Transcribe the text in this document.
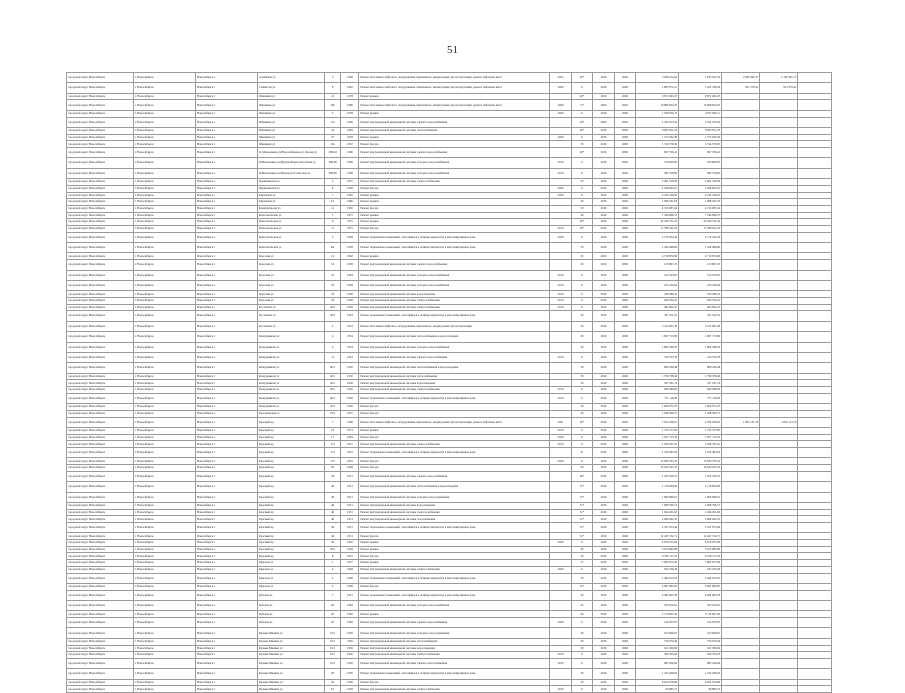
51
городской округ Новосибирск	г. Новосибирск	Новосибирск г	Алтайская ул	3	1966	Ремонт или замена лифтового оборудования, признанного непригодным для эксплуатации, ремонт лифтовых шахт	2023	40*	2019	2049	3 260 614,63	1 633 812,33	2 936 490,17	2 161 905,17	
городской округ Новосибирск	г. Новосибирск	Новосибирск г	Танкистов ул	9	1992	Ремонт или замена лифтового оборудования, признанного непригодным для эксплуатации, ремонт лифтовых шахт	2029	6	2019	2048	1 883 072,21	1 423 336,56	951 279,41	951 279,41	
городской округ Новосибирск	г. Новосибирск	Новосибирск г	Шамшина ул	21	1978	Ремонт крыши		40*	2019	2048	9 872 493,47	9 872 493,47			
городской округ Новосибирск	г. Новосибирск	Новосибирск г	Шамшина ул	28а	1980	Ремонт или замена лифтового оборудования, признанного непригодным для эксплуатации, ремонт лифтовых шахт	2029	11*	2020	2049	10 806 825,95	15 608 825,95			
городской округ Новосибирск	г. Новосибирск	Новосибирск г	Шамшина ул	5	1978	Ремонт крыши	2029	6	2019	2048	1 818 659,11	4 057 600,11			
городской округ Новосибирск	г. Новосибирск	Новосибирск г	Шамшина ул	15а	1996	Ремонт внутридомовой инженерной системы горячего водоснабжения		20*	2020	2049	2 352 913,24	2 352 913,24			
городской округ Новосибирск	г. Новосибирск	Новосибирск г	Шамшина ул	24	1994	Ремонт внутридомовой инженерной системы теплоснабжения		40*	2019	2048	6 605 811,23	6 605 811,23			
городской округ Новосибирск	г. Новосибирск	Новосибирск г	Шамшина ул	25	1978	Ремонт крыши	2029	6	2019	2048	1 573 932,30	1 573 932,30			
городской округ Новосибирск	г. Новосибирск	Новосибирск г	Шамшина ул	10а	1957	Ремонт фасада		35	2019	2048	1 744 570,95	1 744 570,95			
городской округ Новосибирск	г. Новосибирск	Новосибирск г	Я. Мошоакина-ул/Новосибирская ул Лесная ул	399/44	1996	Ремонт внутридомовой инженерной системы горячего водоснабжения		40*	2019	2048	697 766,41	697 766,41			
городской округ Новосибирск	г. Новосибирск	Новосибирск г	Я.Мошоакина-ул/Фрунзе/Бориса Богаткова ул	300/48	1996	Ремонт внутридомовой инженерной системы холодного водоснабжения	2019	6	2019	2049	510 659,85	476 860,95			
городской округ Новосибирск	г. Новосибирск	Новосибирск г	Я.Мошоакина-ул/Фрунзе/ул.Советская ул	300/48	1996	Ремонт внутридомовой инженерной системы холодного водоснабжения	2019	6	2019	2049	485 319,85	485 319,85			
городской округ Новосибирск	г. Новосибирск	Новосибирск г	Ядринцевская ул	2	1957	Ремонт внутридомовой инженерной системы электроснабжения		50	2019	2048	2 461 528,36	2 461 528,36			
городской округ Новосибирск	г. Новосибирск	Новосибирск г	Ядринцевская ул	6	1958	Ремонт фасада	2029	6	2019	2048	2 298 063,01	2 298 063,01			
городской округ Новосибирск	г. Новосибирск	Новосибирск г	Кировская ул	1	1965	Ремонт крыши	2029	6	2019	2048	2 245 526,05	2 245 526,05			
городской округ Новосибирск	г. Новосибирск	Новосибирск г	Кировская ул	3/1	1966	Ремонт крыши		20	2019	2049	1 998 181,93	1 998 181,93			
городской округ Новосибирск	г. Новосибирск	Новосибирск г	Коммунальная ул	11	1956	Ремонт фасада		50	2019	2048	4 743 087,24	4 743 087,24			
городской округ Новосибирск	г. Новосибирск	Новосибирск г	Комсомольская ул	5	1975	Ремонт крыши		40	2019	2048	7 540 096,57	7 540 096,57			
городской округ Новосибирск	г. Новосибирск	Новосибирск г	Комсомольская ул	9	1975	Ремонт крыши		40*	2019	2048	20 340 731,45	20 340 731,45			
городской округ Новосибирск	г. Новосибирск	Новосибирск г	Комсомольская ул	11	1975	Ремонт фасада	2019	26*	2019	2048	17 788 161,23	17 788 161,23			
городской округ Новосибирск	г. Новосибирск	Новосибирск г	Комсомольская ул	5	1958	Ремонт подвальных помещений, относящихся к общему имуществу в многоквартирном доме	2029	6	2019	2048	2 179 452,29	2 179 452,29			
городской округ Новосибирск	г. Новосибирск	Новосибирск г	Комсомольская ул	6А	1958	Ремонт подвальных помещений, относящихся к общему имуществу в многоквартирном доме		50	2019	2048	1 439 408,60	1 439 408,60			
городской округ Новосибирск	г. Новосибирск	Новосибирск г	Королева ул	14	1962	Ремонт крыши		45	2029	2048	4 719 870,90	4 719 870,90			
городской округ Новосибирск	г. Новосибирск	Новосибирск г	Королева ул	16	1958	Ремонт внутридомовой инженерной системы горячего водоснабжения		30	2019	2048	123 807,25	123 807,25			
городской округ Новосибирск	г. Новосибирск	Новосибирск г	Королева ул	5а	1964	Ремонт внутридомовой инженерной системы холодного водоснабжения	2019	6	2019	2048	122 223,65	122 223,65			
городской округ Новосибирск	г. Новосибирск	Новосибирск г	Королева ул	5б	1958	Ремонт внутридомовой инженерной системы холодного водоснабжения	2019	6	2019	2048	163 196,04	163 196,04			
городской округ Новосибирск	г. Новосибирск	Новосибирск г	Королева ул	5б	1958	Ремонт внутридомовой инженерной системы водоотведения	2019	6	2019	2048	236 386,41	236 386,41			
городской округ Новосибирск	г. Новосибирск	Новосибирск г	Королева ул	5б	1958	Ремонт внутридомовой инженерной системы электроснабжения	2019	6	2019	2048	209 704,41	209 704,41			
городской округ Новосибирск	г. Новосибирск	Новосибирск г	Костычева ул	20/2	1959	Ремонт внутридомовой инженерной системы электроснабжения	2019	6	2019	2048	463 692,47	463 692,47			
городской округ Новосибирск	г. Новосибирск	Новосибирск г	Костычева ул	30/3	1963	Ремонт подвальных помещений, относящихся к общему имуществу в многоквартирном доме		30	2019	2048	321 911,61	321 911,61			
городской округ Новосибирск	г. Новосибирск	Новосибирск г	Костычева ул	4	1954	Ремонт или замена лифтового оборудования, признанного непригодным для эксплуатации		20	2019	2048	3 413 967,26	3 413 967,26			
городской округ Новосибирск	г. Новосибирск	Новосибирск г	Кошурникова ул	4	1954	Ремонт внутридомовой инженерной системы теплоснабжения и водоотведения		30	2019	2048	1 097 713,89	1 097 713,89			
городской округ Новосибирск	г. Новосибирск	Новосибирск г	Кошурникова ул	4	1954	Ремонт внутридомовой инженерной системы холодного водоснабжения		30	2019	2048	1 804 438,35	1 804 438,35			
городской округ Новосибирск	г. Новосибирск	Новосибирск г	Кошурникова ул	11	1961	Ремонт внутридомовой инженерной системы горячего водоснабжения	2019	6	2019	2048	314 553,78	314 553,78			
городской округ Новосибирск	г. Новосибирск	Новосибирск г	Кошурникова ул	40/1	1956	Ремонт внутридомовой инженерной системы теплоснабжения и водоотведения		30	2019	2048	808 436,48	808 436,48			
городской округ Новосибирск	г. Новосибирск	Новосибирск г	Кошурникова ул	40/1	1956	Ремонт внутридомовой инженерной системы теплоснабжения		30	2019	2048	1 790 708,46	1 790 708,46			
городской округ Новосибирск	г. Новосибирск	Новосибирск г	Кошурникова ул	40/1	1956	Ремонт внутридомовой инженерной системы водоотведения		30	2019	2048	327 181,74	327 181,74			
городской округ Новосибирск	г. Новосибирск	Новосибирск г	Кошурникова ул	40/1	1956	Ремонт внутридомовой инженерной системы электроснабжения	2019	6	2019	2048	840 589,83	840 589,83			
городской округ Новосибирск	г. Новосибирск	Новосибирск г	Кошурникова ул	40/1	1956	Ремонт подвальных помещений, относящихся к общему имуществу в многоквартирном доме	2019	6	2019	2048	771 116,06	771 116,06			
городской округ Новосибирск	г. Новосибирск	Новосибирск г	Кошурникова ул	50/1	1956	Ремонт фасада		30	2019	2048	1 669 071,97	1 669 071,97			
городской округ Новосибирск	г. Новосибирск	Новосибирск г	Красноярская ул	25/2	1957	Ремонт фасада		30	2019	2048	1 648 300,75	1 648 300,75			
городской округ Новосибирск	г. Новосибирск	Новосибирск г	Красный пр	7	1966	Ремонт или замена лифтового оборудования, признанного непригодным для эксплуатации, ремонт лифтовых шахт	2021	40*	2019	2049	7 162 328,61	2 704 206,85	1 852 131,76	1 852 131,76	
городской округ Новосибирск	г. Новосибирск	Новосибирск г	Красный пр	16	1973	Ремонт крыши	2019	6	2019	2048	1 735 377,85	1 735 377,85			
городской округ Новосибирск	г. Новосибирск	Новосибирск г	Красный пр	17	1964	Ремонт фасада	2029	6	2019	2048	1 657 115,33	1 657 115,33			
городской округ Новосибирск	г. Новосибирск	Новосибирск г	Красный пр	173	1957	Ремонт внутридомовой инженерной системы электроснабжения	2019	6	2019	2048	1 028 797,61	1 028 797,61			
городской округ Новосибирск	г. Новосибирск	Новосибирск г	Красный пр	173	1952	Ремонт подвальных помещений, относящихся к общему имуществу в многоквартирном доме		51	2019	2048	1 534 465,63	1 534 465,63			
городской округ Новосибирск	г. Новосибирск	Новосибирск г	Красный пр	175	1952	Ремонт фасада	2029	6	2019	2048	15 830 793,19	15 830 793,19			
городской округ Новосибирск	г. Новосибирск	Новосибирск г	Красный пр	20	1948	Ремонт фасада		20	2019	2048	10 634 225,33	10 634 225,33			
городской округ Новосибирск	г. Новосибирск	Новосибирск г	Красный пр	36	1951	Ремонт внутридомовой инженерной системы горячего водоснабжения		46*	2019	2048	1 423 520,72	1 423 520,72			
городской округ Новосибирск	г. Новосибирск	Новосибирск г	Красный пр	46	1951	Ремонт внутридомовой инженерной системы теплоснабжения и водоотведения		51*	2019	2048	1 118 000,06	1 118 000,06			
городской округ Новосибирск	г. Новосибирск	Новосибирск г	Красный пр	46	1951	Ремонт внутридомовой инженерной системы холодного водоснабжения		51*	2019	2048	1 900 996,61	1 900 996,61			
городской округ Новосибирск	г. Новосибирск	Новосибирск г	Красный пр	46	1951	Ремонт внутридомовой инженерной системы водоотведения		51*	2019	2048	1 608 796,13	1 608 796,13			
городской округ Новосибирск	г. Новосибирск	Новосибирск г	Красный пр	46	1951	Ремонт внутридомовой инженерной системы электроснабжения		51*	2019	2048	1 924 201,60	1 924 201,60			
городской округ Новосибирск	г. Новосибирск	Новосибирск г	Красный пр	46	1951	Ремонт внутридомовой инженерной системы газоснабжения		51*	2019	2048	2 906 262,35	2 906 262,35			
городской округ Новосибирск	г. Новосибирск	Новосибирск г	Красный пр	46	1951	Ремонт подвальных помещений, относящихся к общему имуществу в многоквартирном доме		51*	2019	2048	2 527 673,40	2 527 673,40			
городской округ Новосибирск	г. Новосибирск	Новосибирск г	Красный пр	46	1951	Ремонт фасада		51*	2019	2048	12 447 722,71	12 447 722,71			
городской округ Новосибирск	г. Новосибирск	Новосибирск г	Красный пр	59	1950	Ремонт крыши	2029	6	2019	2048	6 070 975,09	6 070 975,09			
городской округ Новосибирск	г. Новосибирск	Новосибирск г	Красный пр	59/1	1958	Ремонт крыши		40	2019	2048	3 613 985,86	3 613 985,86			
городской округ Новосибирск	г. Новосибирск	Новосибирск г	Красный пр	8	1955	Ремонт фасада		20	2019	2048	6 356 117,23	6 356 117,23			
городской округ Новосибирск	г. Новосибирск	Новосибирск г	Крылова ул	1	1937	Ремонт крыши		27	2019	2048	7 962 675,90	7 962 675,90			
городской округ Новосибирск	г. Новосибирск	Новосибирск г	Крылова ул	4	1948	Ремонт внутридомовой инженерной системы электроснабжения	2029	6	2019	2048	632 256,46	632 256,46			
городской округ Новосибирск	г. Новосибирск	Новосибирск г	Крылова ул	4	1948	Ремонт подвальных помещений, относящихся к общему имуществу в многоквартирном доме		30	2019	2048	1 464 613,53	1 464 613,53			
городской округ Новосибирск	г. Новосибирск	Новосибирск г	Крылова ул	4	1948	Ремонт фасада		51*	2019	2048	4 967 862,85	4 967 862,85			
городской округ Новосибирск	г. Новосибирск	Новосибирск г	Кубовая ул	7	1951	Ремонт подвальных помещений, относящихся к общему имуществу в многоквартирном доме		30	2019	2048	9 494 663,18	9 494 663,18			
городской округ Новосибирск	г. Новосибирск	Новосибирск г	Кубовая ул	92	1962	Ремонт внутридомовой инженерной системы холодного водоснабжения		45	2019	2048	503 619,61	503 619,61			
городской округ Новосибирск	г. Новосибирск	Новосибирск г	Кубовая ул	92	1962	Ремонт крыши		40	2019	2048	5 714 607,20	5 714 607,20			
городской округ Новосибирск	г. Новосибирск	Новосибирск г	Кубовая ул	92	1962	Ремонт внутридомовой инженерной системы горячего водоснабжения	2029	6	2019	2048	142 055,87	142 055,87			
городской округ Новосибирск	г. Новосибирск	Новосибирск г	Кузьмы Минина ул	10/1	1956	Ремонт внутридомовой инженерной системы холодного водоснабжения		30	2019	2048	103 906,81	103 906,81			
городской округ Новосибирск	г. Новосибирск	Новосибирск г	Кузьмы Минина ул	10/1	1956	Ремонт внутридомовой инженерной системы теплоснабжения		30	2019	2048	750 079,40	750 079,40			
городской округ Новосибирск	г. Новосибирск	Новосибирск г	Кузьмы Минина ул	10/1	1956	Ремонт внутридомовой инженерной системы водоотведения		30	2019	2048	161 309,66	161 309,66			
городской округ Новосибирск	г. Новосибирск	Новосибирск г	Кузьмы Минина ул	10/1	1956	Ремонт внутридомовой инженерной системы электроснабжения	2019	6	2019	2048	306 323,18	306 323,18			
городской округ Новосибирск	г. Новосибирск	Новосибирск г	Кузьмы Минина ул	10/1	1956	Ремонт внутридомовой инженерной системы горячего водоснабжения	2019	6	2019	2048	985 456,94	985 456,94			
городской округ Новосибирск	г. Новосибирск	Новосибирск г	Кузьмы Минина ул	20	1956	Ремонт подвальных помещений, относящихся к общему имуществу в многоквартирном доме		30	2019	2048	1 223 206,05	1 223 206,05			
городской округ Новосибирск	г. Новосибирск	Новосибирск г	Кузьмы Минина ул	20	1956	Ремонт фасада		30	2019	2048	6 022 676,80	6 022 676,80			
городской округ Новосибирск	г. Новосибирск	Новосибирск г	Кузьмы Минина ул	3/1	1958	Ремонт внутридомовой инженерной системы электроснабжения	2019	6	2019	2048	66 883,72	66 883,72			
